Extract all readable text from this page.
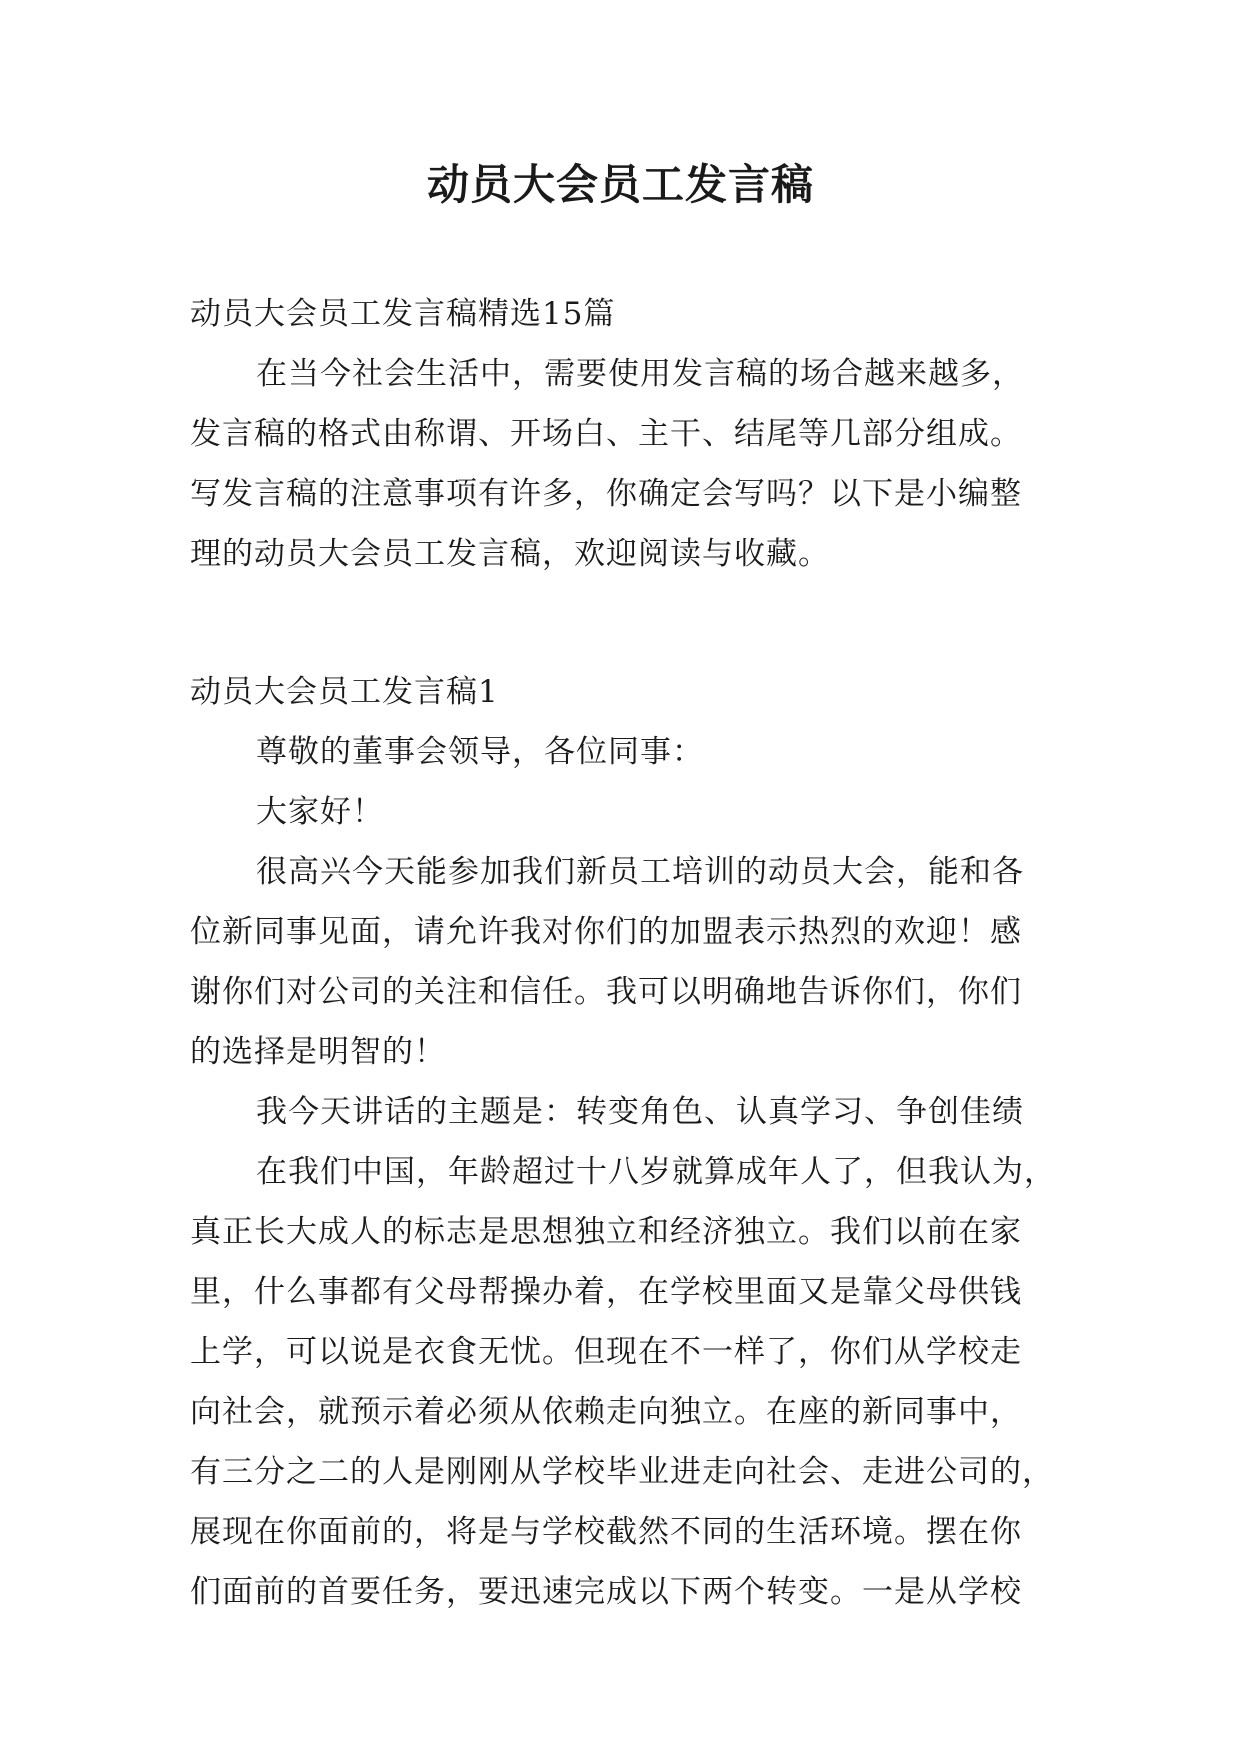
动员大会员工发言稿
动员大会员工发言稿精选15篇
在当今社会生活中，需要使用发言稿的场合越来越多，
发言稿的格式由称谓、开场白、主干、结尾等几部分组成。
写发言稿的注意事项有许多，你确定会写吗？以下是小编整
理的动员大会员工发言稿，欢迎阅读与收藏。
动员大会员工发言稿1
尊敬的董事会领导，各位同事：
大家好！
很高兴今天能参加我们新员工培训的动员大会，能和各
位新同事见面，请允许我对你们的加盟表示热烈的欢迎！感
谢你们对公司的关注和信任。我可以明确地告诉你们，你们
的选择是明智的！
我今天讲话的主题是：转变角色、认真学习、争创佳绩
在我们中国，年龄超过十八岁就算成年人了，但我认为，
真正长大成人的标志是思想独立和经济独立。我们以前在家
里，什么事都有父母帮操办着，在学校里面又是靠父母供钱
上学，可以说是衣食无忧。但现在不一样了，你们从学校走
向社会，就预示着必须从依赖走向独立。在座的新同事中，
有三分之二的人是刚刚从学校毕业进走向社会、走进公司的，
展现在你面前的，将是与学校截然不同的生活环境。摆在你
们面前的首要任务，要迅速完成以下两个转变。一是从学校
